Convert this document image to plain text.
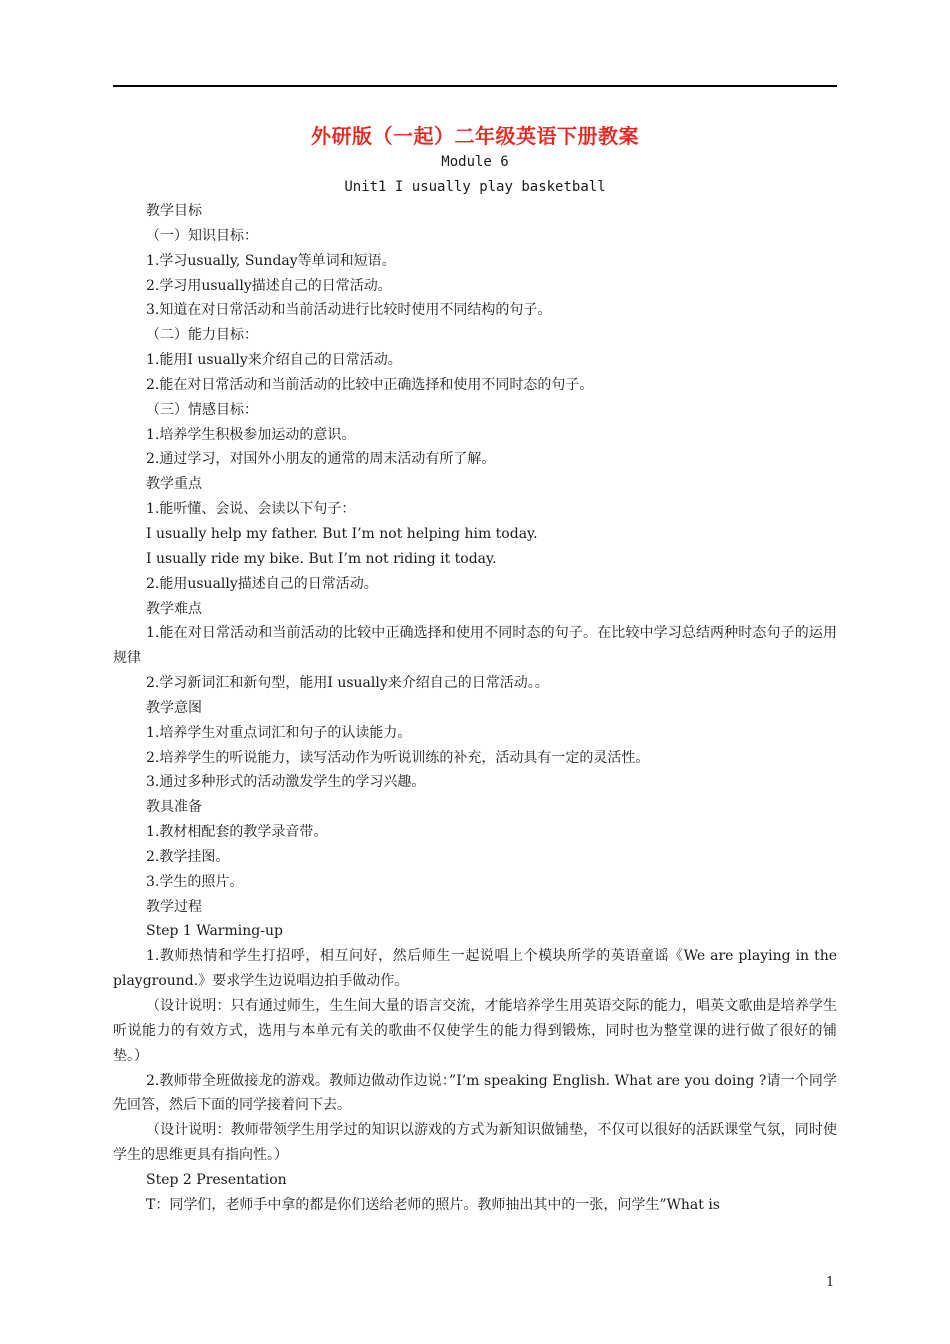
外研版（一起）二年级英语下册教案
Module 6
Unit1 I usually play basketball

教学目标

（一）知识目标：

1.学习usually, Sunday等单词和短语。

2.学习用usually描述自己的日常活动。

3.知道在对日常活动和当前活动进行比较时使用不同结构的句子。

（二）能力目标：

1.能用I usually来介绍自己的日常活动。

2.能在对日常活动和当前活动的比较中正确选择和使用不同时态的句子。

（三）情感目标：

1.培养学生积极参加运动的意识。

2.通过学习，对国外小朋友的通常的周末活动有所了解。

教学重点

1.能听懂、会说、会读以下句子：

I usually help my father. But I’m not helping him today.

I usually ride my bike. But I’m not riding it today.

2.能用usually描述自己的日常活动。

教学难点

1.能在对日常活动和当前活动的比较中正确选择和使用不同时态的句子。在比较中学习总结两种时态句子的运用规律

2.学习新词汇和新句型，能用I usually来介绍自己的日常活动。。

教学意图

1.培养学生对重点词汇和句子的认读能力。

2.培养学生的听说能力，读写活动作为听说训练的补充，活动具有一定的灵活性。

3.通过多种形式的活动激发学生的学习兴趣。

教具准备

1.教材相配套的教学录音带。

2.教学挂图。

3.学生的照片。

教学过程

Step 1 Warming-up

1.教师热情和学生打招呼，相互问好，然后师生一起说唱上个模块所学的英语童谣《We are playing in the playground.》要求学生边说唱边拍手做动作。

（设计说明：只有通过师生，生生间大量的语言交流，才能培养学生用英语交际的能力，唱英文歌曲是培养学生听说能力的有效方式，选用与本单元有关的歌曲不仅使学生的能力得到锻炼，同时也为整堂课的进行做了很好的铺垫。）

2.教师带全班做接龙的游戏。教师边做动作边说：”I’m speaking English. What are you doing ?请一个同学先回答，然后下面的同学接着问下去。

（设计说明：教师带领学生用学过的知识以游戏的方式为新知识做铺垫，不仅可以很好的活跃课堂气氛，同时使学生的思维更具有指向性。）

Step 2 Presentation

T：同学们，老师手中拿的都是你们送给老师的照片。教师抽出其中的一张，问学生”What is

1
